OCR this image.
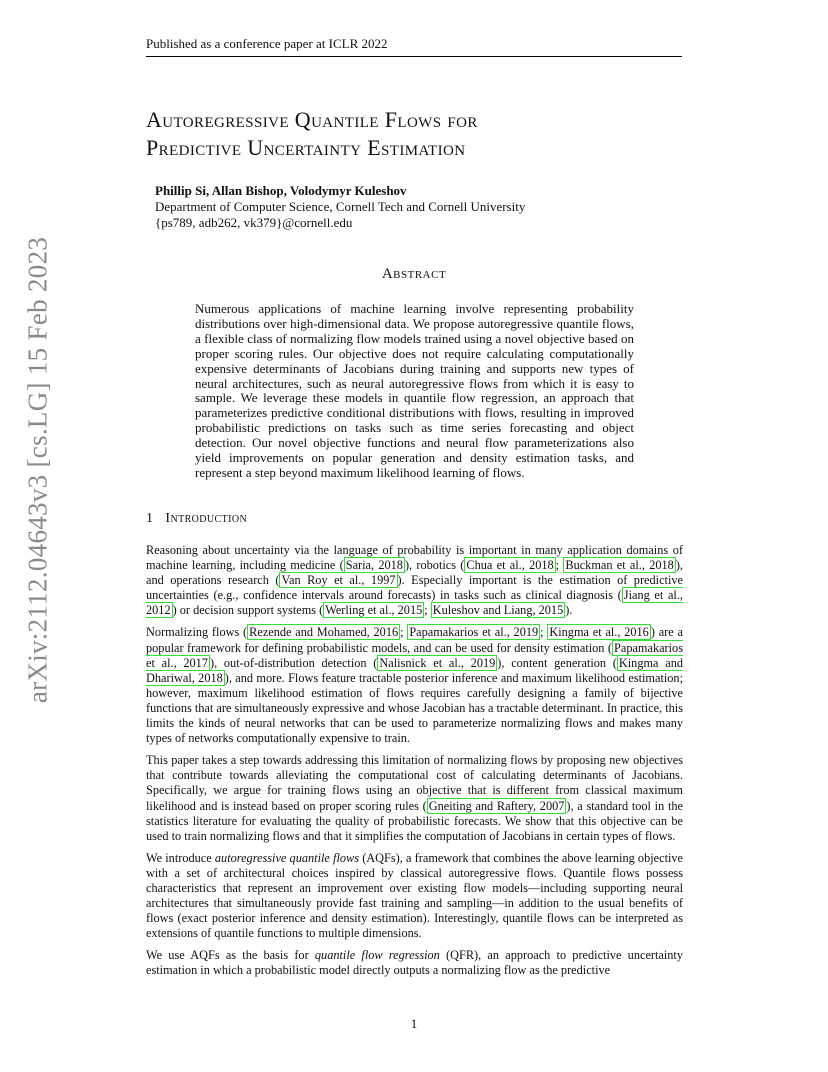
Published as a conference paper at ICLR 2022
arXiv:2112.04643v3 [cs.LG] 15 Feb 2023
Autoregressive Quantile Flows for
Predictive Uncertainty Estimation
Phillip Si, Allan Bishop, Volodymyr Kuleshov
Department of Computer Science, Cornell Tech and Cornell University
{ps789, adb262, vk379}@cornell.edu
Abstract
Numerous applications of machine learning involve representing probability distributions over high-dimensional data. We propose autoregressive quantile flows, a flexible class of normalizing flow models trained using a novel objective based on proper scoring rules. Our objective does not require calculating computationally expensive determinants of Jacobians during training and supports new types of neural architectures, such as neural autoregressive flows from which it is easy to sample. We leverage these models in quantile flow regression, an approach that parameterizes predictive conditional distributions with flows, resulting in improved probabilistic predictions on tasks such as time series forecasting and object detection. Our novel objective functions and neural flow parameterizations also yield improvements on popular generation and density estimation tasks, and represent a step beyond maximum likelihood learning of flows.
1 Introduction

Reasoning about uncertainty via the language of probability is important in many application domains of machine learning, including medicine ( Saria, 2018 ), robotics ( Chua et al., 2018 ; Buckman et al., 2018 ), and operations research ( Van Roy et al., 1997 ). Especially important is the estimation of predictive uncertainties (e.g., confidence intervals around forecasts) in tasks such as clinical diagnosis ( Jiang et al., 2012 ) or decision support systems ( Werling et al., 2015 ; Kuleshov and Liang, 2015 ).

Normalizing flows ( Rezende and Mohamed, 2016 ; Papamakarios et al., 2019 ; Kingma et al., 2016 ) are a popular framework for defining probabilistic models, and can be used for density estimation ( Papamakarios et al., 2017 ), out-of-distribution detection ( Nalisnick et al., 2019 ), content generation ( Kingma and Dhariwal, 2018 ), and more. Flows feature tractable posterior inference and maximum likelihood estimation; however, maximum likelihood estimation of flows requires carefully designing a family of bijective functions that are simultaneously expressive and whose Jacobian has a tractable determinant. In practice, this limits the kinds of neural networks that can be used to parameterize normalizing flows and makes many types of networks computationally expensive to train.

This paper takes a step towards addressing this limitation of normalizing flows by proposing new objectives that contribute towards alleviating the computational cost of calculating determinants of Jacobians. Specifically, we argue for training flows using an objective that is different from classical maximum likelihood and is instead based on proper scoring rules ( Gneiting and Raftery, 2007 ), a standard tool in the statistics literature for evaluating the quality of probabilistic forecasts. We show that this objective can be used to train normalizing flows and that it simplifies the computation of Jacobians in certain types of flows.

We introduce autoregressive quantile flows (AQFs), a framework that combines the above learning objective with a set of architectural choices inspired by classical autoregressive flows. Quantile flows possess characteristics that represent an improvement over existing flow models—including supporting neural architectures that simultaneously provide fast training and sampling—in addition to the usual benefits of flows (exact posterior inference and density estimation). Interestingly, quantile flows can be interpreted as extensions of quantile functions to multiple dimensions.

We use AQFs as the basis for quantile flow regression (QFR), an approach to predictive uncertainty estimation in which a probabilistic model directly outputs a normalizing flow as the predictive

1
